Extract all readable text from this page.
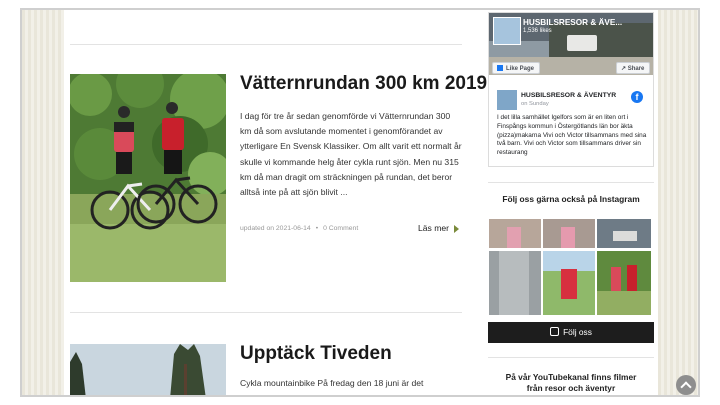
Vätternrundan 300 km 2019

I dag för tre år sedan genomförde vi Vätternrundan 300 km då som avslutande momentet i genomförandet av ytterligare En Svensk Klassiker. Om allt varit ett normalt år skulle vi kommande helg åter cykla runt sjön. Men nu 315 km då man dragit om sträckningen på rundan, det beror alltså inte på att sjön blivit ...

updated on 2021-06-14 • 0 Comment	Läs mer
Upptäck Tiveden

Cykla mountainbike På fredag den 18 juni är det

HUSBILSRESOR & ÄVE...
1,536 likes
Like Page	↗ Share
HUSBILSRESOR & ÄVENTYR
on Sunday
f

I det lilla samhället Igelfors som är en liten ort i Finspångs kommun i Östergötlands län bor äkta (pizza)makarna Vivi och Victor tillsammans med sina två barn. Vivi och Victor som tillsammans driver sin restaurang

Följ oss gärna också på Instagram
Följ oss
På vår YouTubekanal finns filmer från resor och äventyr
